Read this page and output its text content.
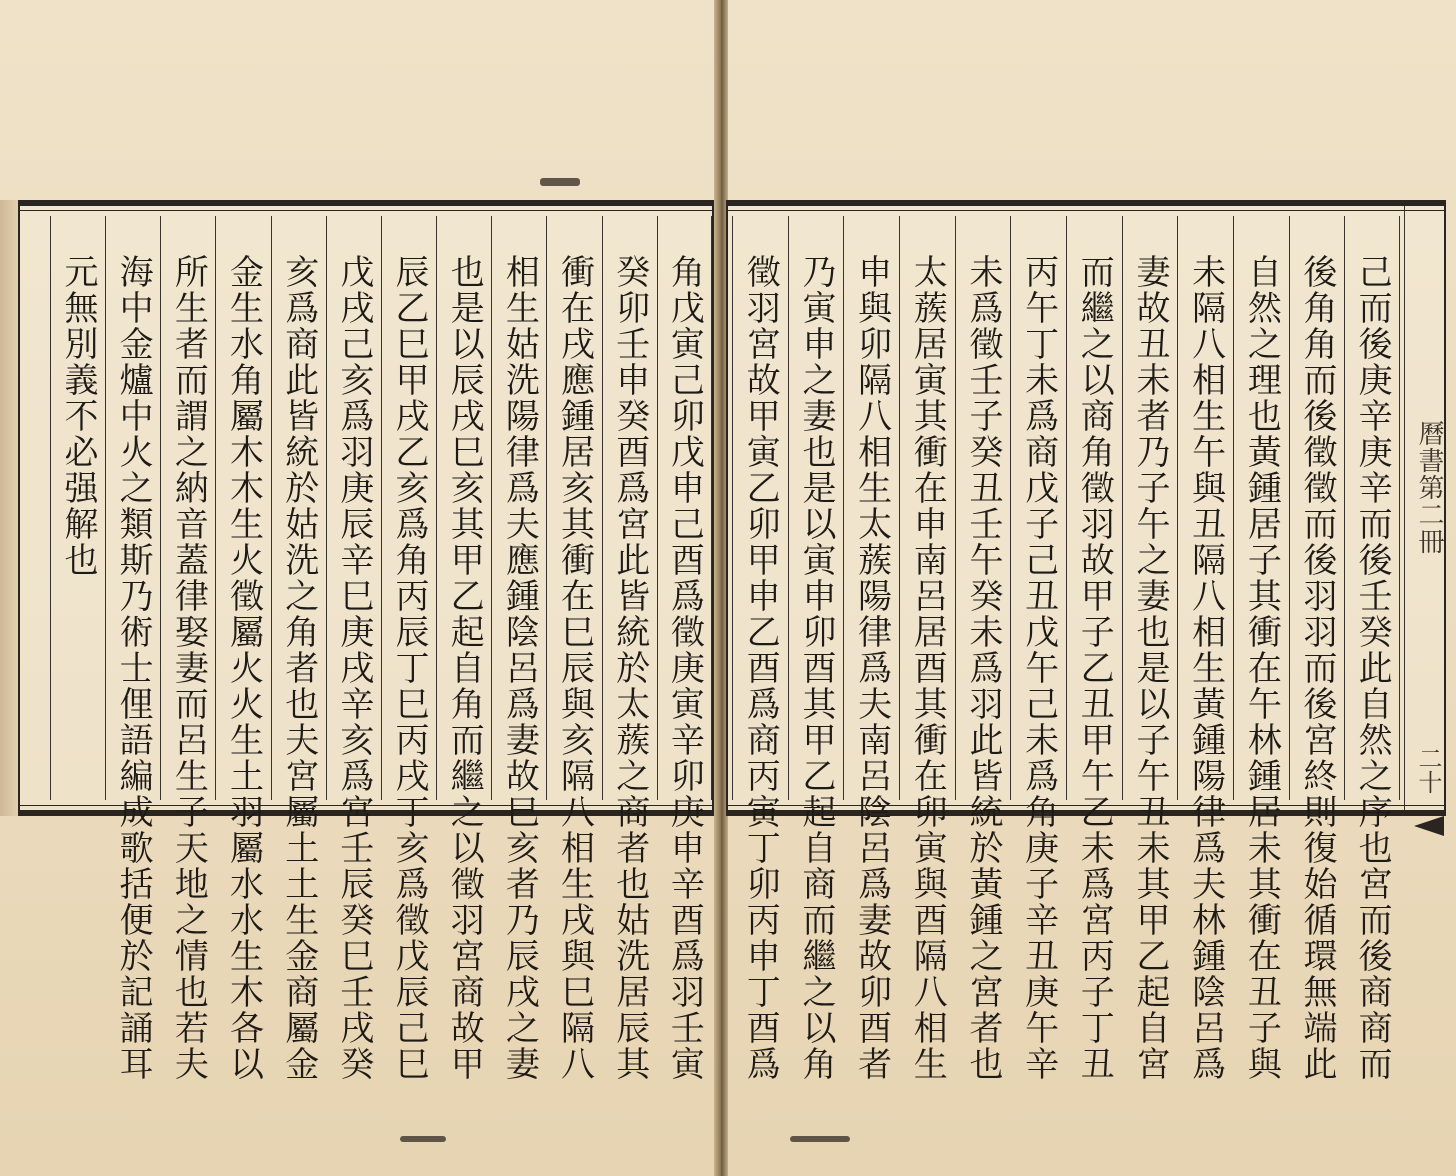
己而後庚辛庚辛而後壬癸此自然之序也宮而後商商而
後角角而後徵徵而後羽羽而後宮終則復始循環無端此
自然之理也黃鍾居子其衝在午林鍾居未其衝在丑子與
未隔八相生午與丑隔八相生黃鍾陽律爲夫林鍾陰呂爲
妻故丑未者乃子午之妻也是以子午丑未其甲乙起自宮
而繼之以商角徵羽故甲子乙丑甲午乙未爲宮丙子丁丑
丙午丁未爲商戊子己丑戊午己未爲角庚子辛丑庚午辛
未爲徵壬子癸丑壬午癸未爲羽此皆統於黃鍾之宮者也
太蔟居寅其衝在申南呂居酉其衝在卯寅與酉隔八相生
申與卯隔八相生太蔟陽律爲夫南呂陰呂爲妻故卯酉者
乃寅申之妻也是以寅申卯酉其甲乙起自商而繼之以角
徵羽宮故甲寅乙卯甲申乙酉爲商丙寅丁卯丙申丁酉爲	曆書第二冊
二十
角戊寅己卯戊申己酉爲徵庚寅辛卯庚申辛酉爲羽壬寅
癸卯壬申癸酉爲宮此皆統於太蔟之商者也姑洗居辰其
衝在戌應鍾居亥其衝在巳辰與亥隔八相生戌與巳隔八
相生姑洗陽律爲夫應鍾陰呂爲妻故巳亥者乃辰戌之妻
也是以辰戌巳亥其甲乙起自角而繼之以徵羽宮商故甲
辰乙巳甲戌乙亥爲角丙辰丁巳丙戌丁亥爲徵戊辰己巳
戊戌己亥爲羽庚辰辛巳庚戌辛亥爲宮壬辰癸巳壬戌癸
亥爲商此皆統於姑洗之角者也夫宮屬土土生金商屬金
金生水角屬木木生火徵屬火火生土羽屬水水生木各以
所生者而謂之納音蓋律娶妻而呂生子天地之情也若夫
海中金爐中火之類斯乃術士俚語編成歌括便於記誦耳
元無別義不必强解也
